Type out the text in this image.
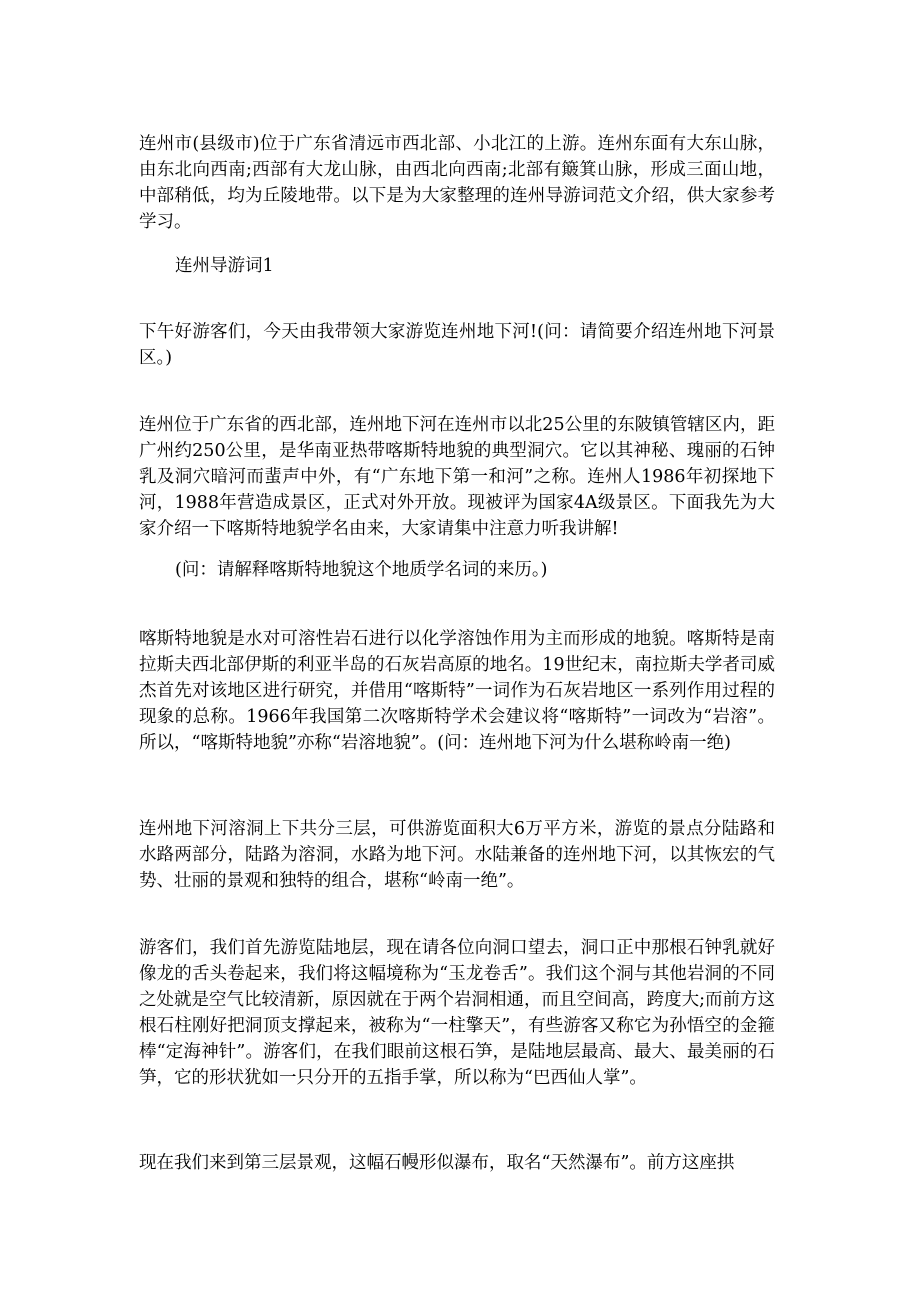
连州市(县级市)位于广东省清远市西北部、小北江的上游。连州东面有大东山脉，由东北向西南;西部有大龙山脉，由西北向西南;北部有簸箕山脉，形成三面山地，中部稍低，均为丘陵地带。以下是为大家整理的连州导游词范文介绍，供大家参考学习。

连州导游词1

下午好游客们，今天由我带领大家游览连州地下河!(问：请简要介绍连州地下河景区。)

连州位于广东省的西北部，连州地下河在连州市以北25公里的东陂镇管辖区内，距广州约250公里，是华南亚热带喀斯特地貌的典型洞穴。它以其神秘、瑰丽的石钟乳及洞穴暗河而蜚声中外，有“广东地下第一和河”之称。连州人1986年初探地下河，1988年营造成景区，正式对外开放。现被评为国家4A级景区。下面我先为大家介绍一下喀斯特地貌学名由来，大家请集中注意力听我讲解!

(问：请解释喀斯特地貌这个地质学名词的来历。)

喀斯特地貌是水对可溶性岩石进行以化学溶蚀作用为主而形成的地貌。喀斯特是南拉斯夫西北部伊斯的利亚半岛的石灰岩高原的地名。19世纪末，南拉斯夫学者司威杰首先对该地区进行研究，并借用“喀斯特”一词作为石灰岩地区一系列作用过程的现象的总称。1966年我国第二次喀斯特学术会建议将“喀斯特”一词改为“岩溶”。所以，“喀斯特地貌”亦称“岩溶地貌”。(问：连州地下河为什么堪称岭南一绝)

连州地下河溶洞上下共分三层，可供游览面积大6万平方米，游览的景点分陆路和水路两部分，陆路为溶洞，水路为地下河。水陆兼备的连州地下河，以其恢宏的气势、壮丽的景观和独特的组合，堪称“岭南一绝”。

游客们，我们首先游览陆地层，现在请各位向洞口望去，洞口正中那根石钟乳就好像龙的舌头卷起来，我们将这幅境称为“玉龙卷舌”。我们这个洞与其他岩洞的不同之处就是空气比较清新，原因就在于两个岩洞相通，而且空间高，跨度大;而前方这根石柱刚好把洞顶支撑起来，被称为“一柱擎天”，有些游客又称它为孙悟空的金箍棒“定海神针”。游客们，在我们眼前这根石笋，是陆地层最高、最大、最美丽的石笋，它的形状犹如一只分开的五指手掌，所以称为“巴西仙人掌”。

现在我们来到第三层景观，这幅石幔形似瀑布，取名“天然瀑布”。前方这座拱
